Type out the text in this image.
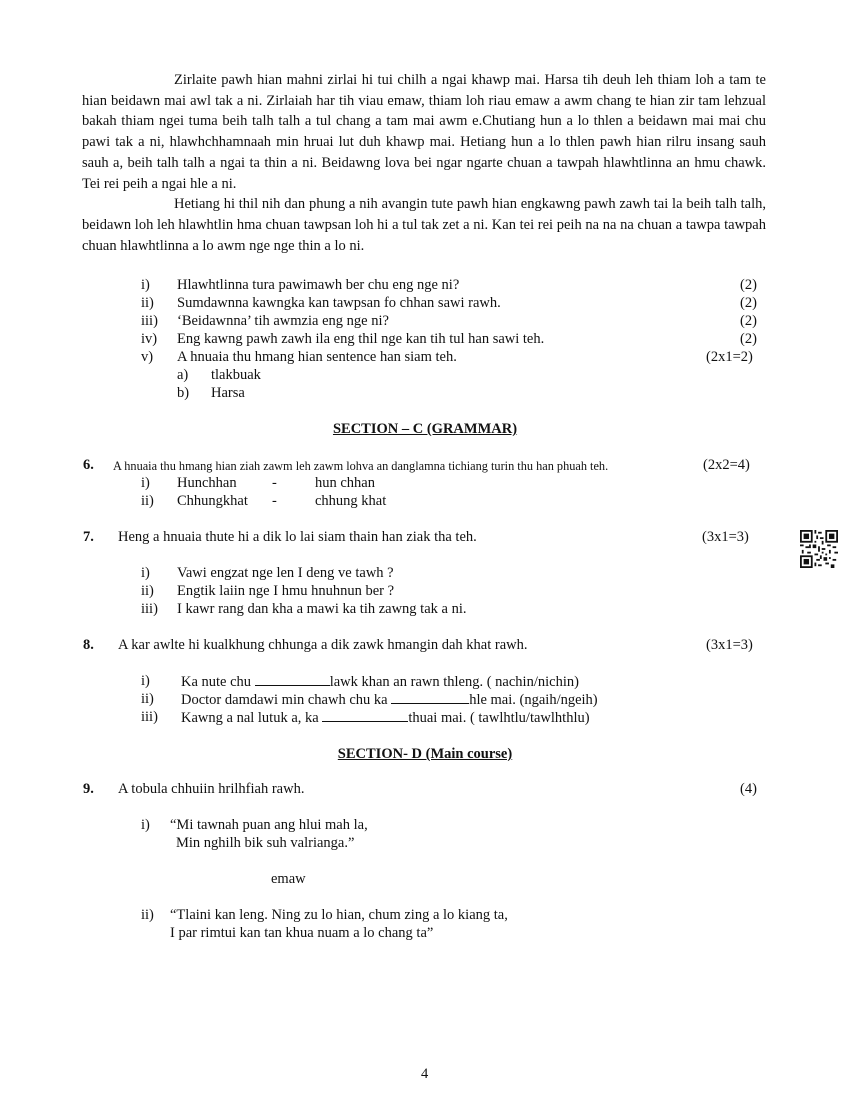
Zirlaite pawh hian mahni zirlai hi tui chilh a ngai khawp mai. Harsa tih deuh leh thiam loh a tam te hian beidawn mai awl tak a ni. Zirlaiah har tih viau emaw, thiam loh riau emaw a awm chang te hian zir tam lehzual bakah thiam ngei tuma beih talh talh a tul chang a tam mai awm e.Chutiang hun a lo thlen a beidawn mai mai chu pawi tak a ni, hlawhchhamnaah min hruai lut duh khawp mai. Hetiang hun a lo thlen pawh hian rilru insang sauh sauh a, beih talh talh a ngai ta thin a ni. Beidawng lova bei ngar ngarte chuan a tawpah hlawhtlinna an hmu chawk. Tei rei peih a ngai hle a ni.

Hetiang hi thil nih dan phung a nih avangin tute pawh hian engkawng pawh zawh tai la beih talh talh, beidawn loh leh hlawhtlin hma chuan tawpsan loh hi a tul tak zet a ni. Kan tei rei peih na na na chuan a tawpa tawpah chuan hlawhtlinna a lo awm nge nge thin a lo ni.

i) Hlawhtlinna tura pawimawh ber chu eng nge ni?	(2)
ii) Sumdawnna kawngka kan tawpsan fo chhan sawi rawh.	(2)
iii) ‘Beidawnna’ tih awmzia eng nge ni?	(2)
iv) Eng kawng pawh zawh ila eng thil nge kan tih tul han sawi teh.	(2)
v) A hnuaia thu hmang hian sentence han siam teh.	(2x1=2)
a) tlakbuak
b) Harsa
SECTION – C (GRAMMAR)
6. A hnuaia thu hmang hian ziah zawm leh zawm lohva an danglamna tichiang turin thu han phuah teh.	(2x2=4)
i) Hunchhan -	hun chhan
ii) Chhungkhat -	chhung khat
7. Heng a hnuaia thute hi a dik lo lai siam thain han ziak tha teh.	(3x1=3)
i) Vawi engzat nge len I deng ve tawh ?
ii) Engtik laiin nge I hmu hnuhnun ber ?
iii) I kawr rang dan kha a mawi ka tih zawng tak a ni.
8. A kar awlte hi kualkhung chhunga a dik zawk hmangin dah khat rawh.	(3x1=3)
i) Ka nute chu	lawk khan an rawn thleng. ( nachin/nichin)
ii) Doctor damdawi min chawh chu ka	hle mai. (ngaih/ngeih)
iii) Kawng a nal lutuk a, ka	thuai mai. ( tawlhtlu/tawlhthlu)
SECTION- D (Main course)
9. A tobula chhuiin hrilhfiah rawh.	(4)
i) “Mi tawnah puan ang hlui mah la,
Min nghilh bik suh valrianga.”
emaw
ii) “Tlaini kan leng. Ning zu lo hian, chum zing a lo kiang ta,
I par rimtui kan tan khua nuam a lo chang ta”
4
